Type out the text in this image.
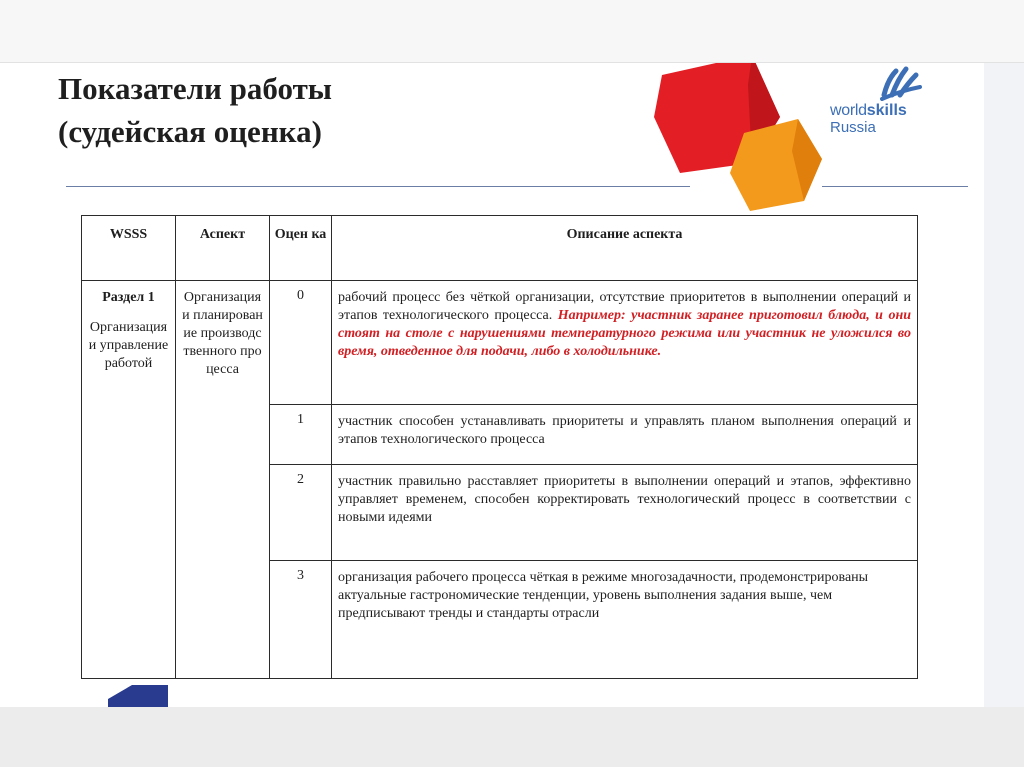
Показатели работы
(судейская оценка)
worldskills
Russia
WSSS	Аспект	Оцен ка	Описание аспекта

Раздел 1
Организация и управление работой	Организация и планирование производственного процесса	0	рабочий процесс без чёткой организации, отсутствие приоритетов в выполнении операций и этапов технологического процесса. Например: участник заранее приготовил блюда, и они стоят на столе с нарушениями температурного режима или участник не уложился во время, отведенное для подачи, либо в холодильнике.

		1	участник способен устанавливать приоритеты и управлять планом выполнения операций и этапов технологического процесса

		2	участник правильно расставляет приоритеты в выполнении операций и этапов, эффективно управляет временем, способен корректировать технологический процесс в соответствии с новыми идеями

		3	организация рабочего процесса чёткая в режиме многозадачности, продемонстрированы актуальные гастрономические тенденции, уровень выполнения задания выше, чем предписывают тренды и стандарты отрасли
